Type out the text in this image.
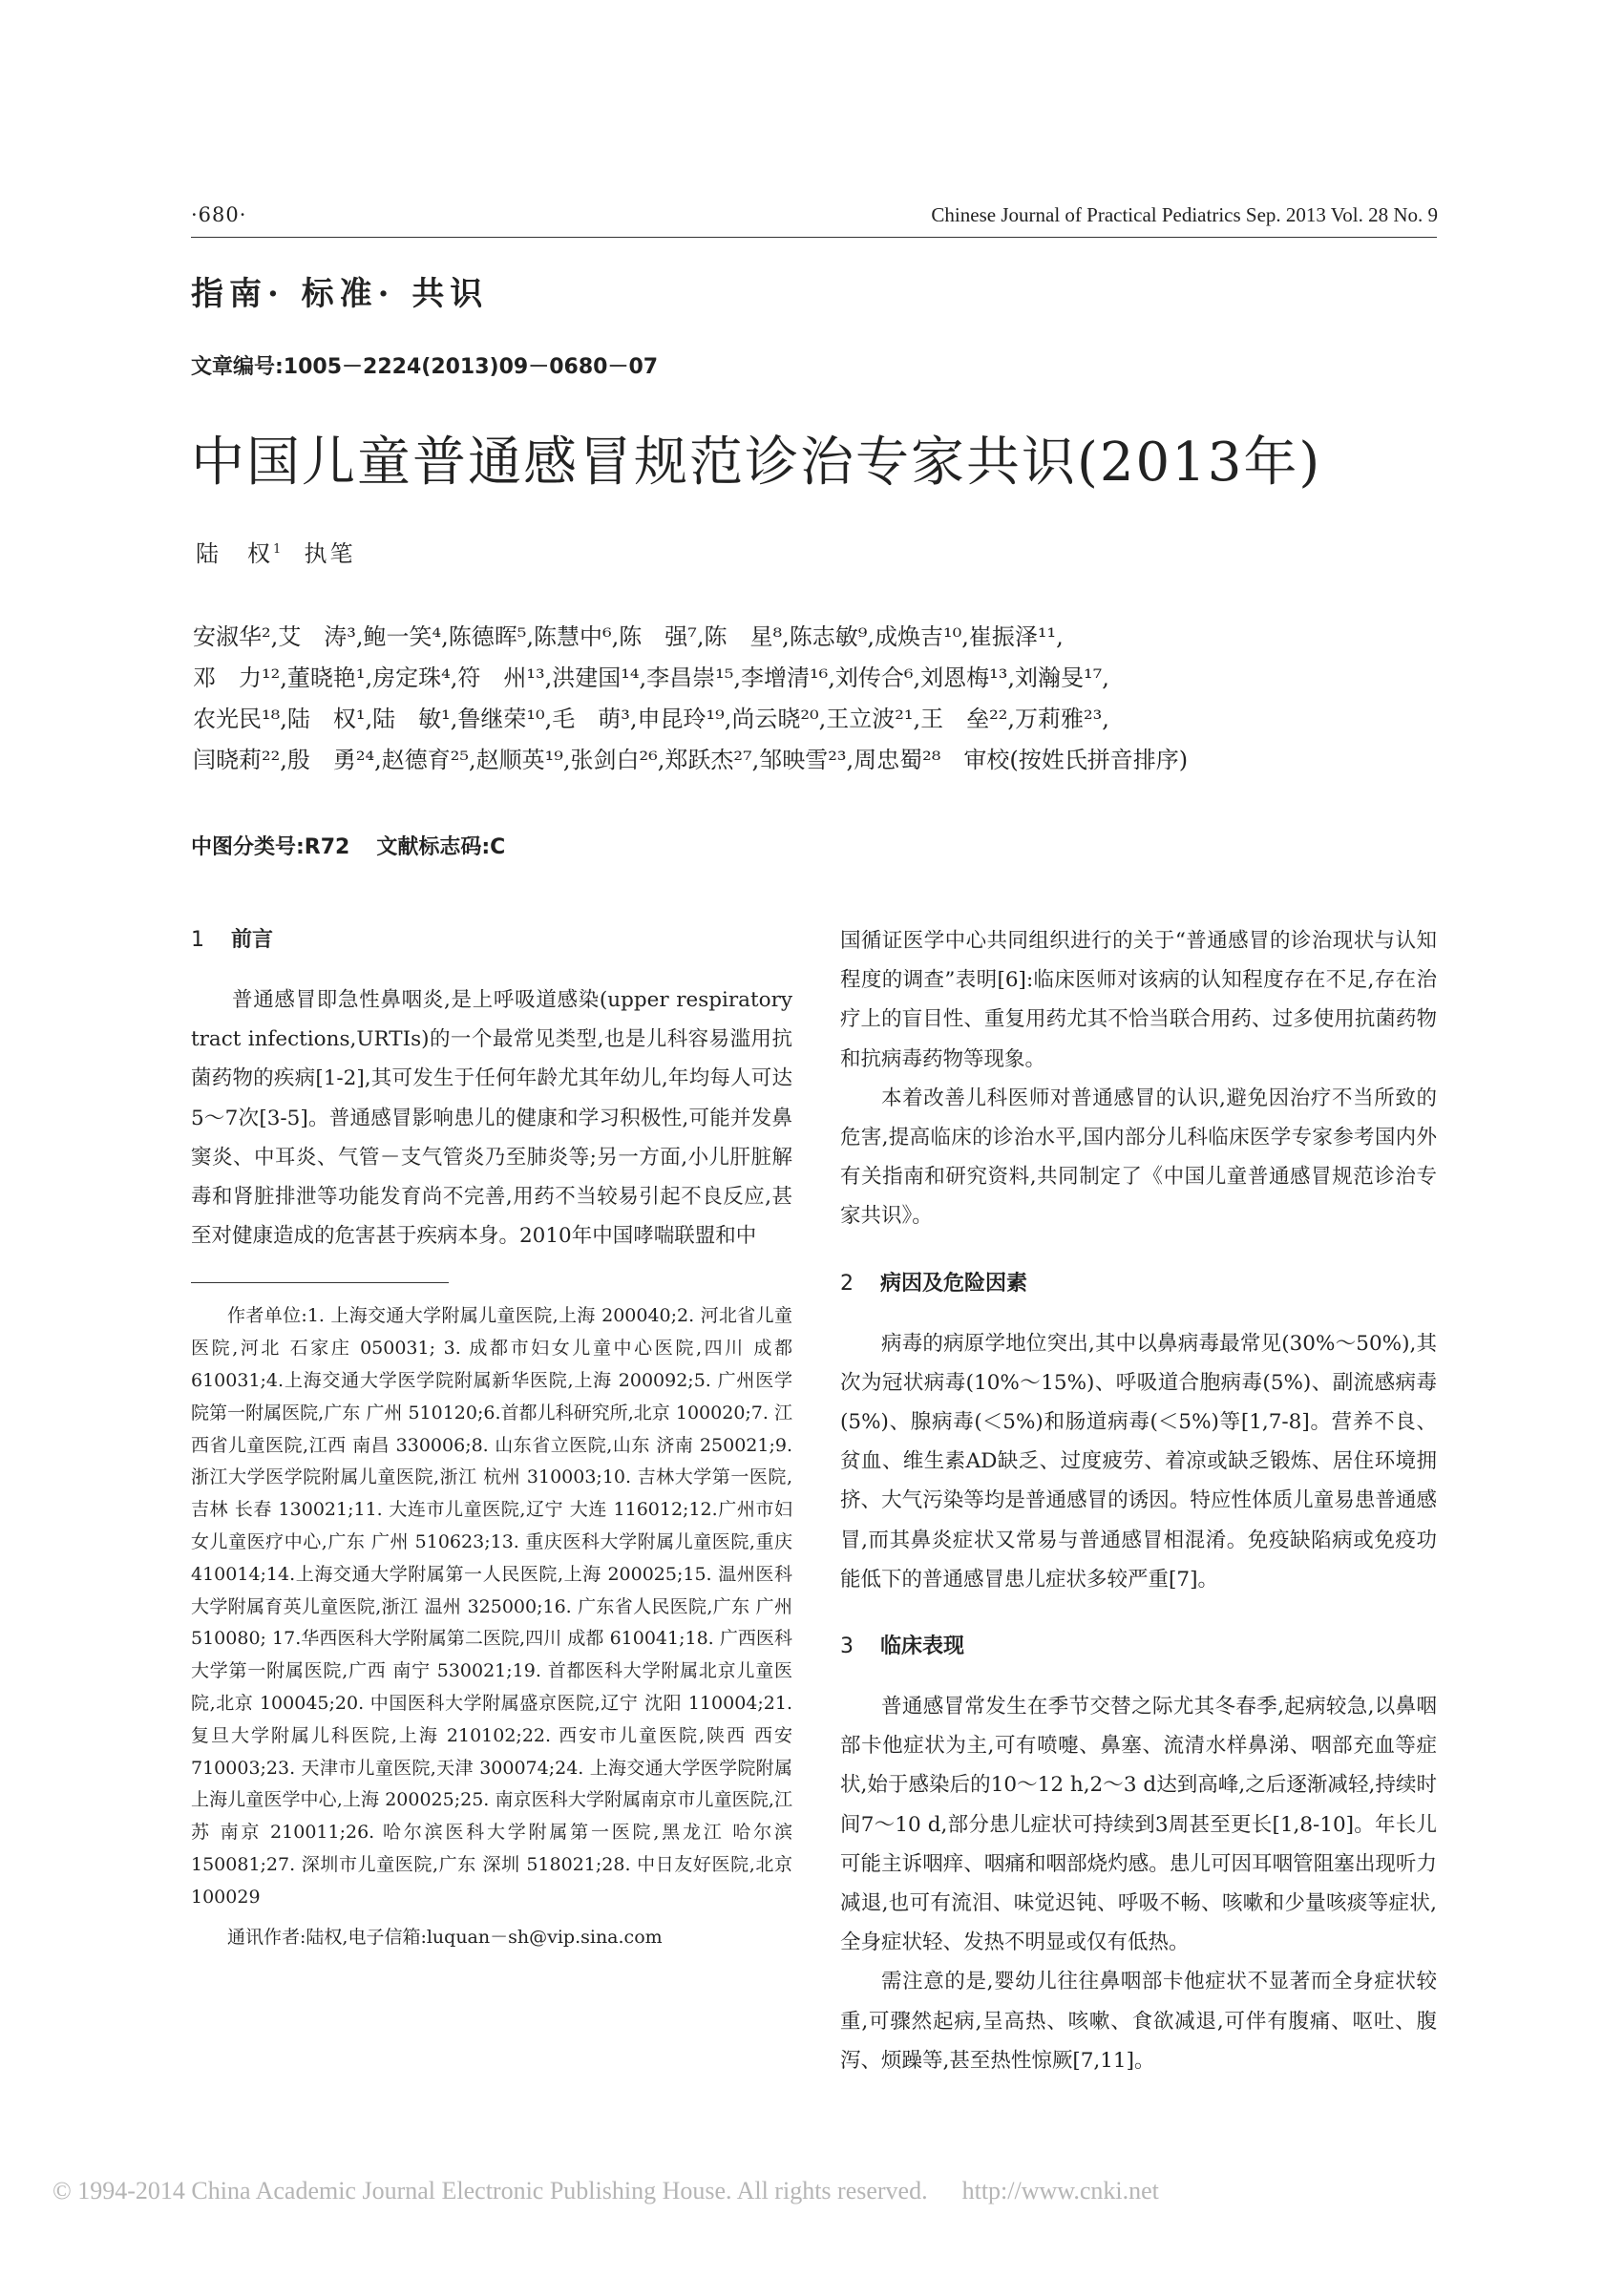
·680·	Chinese Journal of Practical Pediatrics Sep. 2013 Vol. 28 No. 9
指南· 标准· 共识
文章编号:1005－2224(2013)09－0680－07
中国儿童普通感冒规范诊治专家共识(2013年)
陆　权$^1$ 执笔
安淑华²,艾　涛³,鲍一笑⁴,陈德晖⁵,陈慧中⁶,陈　强⁷,陈　星⁸,陈志敏⁹,成焕吉¹⁰,崔振泽¹¹,
邓　力¹²,董晓艳¹,房定珠⁴,符　州¹³,洪建国¹⁴,李昌崇¹⁵,李增清¹⁶,刘传合⁶,刘恩梅¹³,刘瀚旻¹⁷,
农光民¹⁸,陆　权¹,陆　敏¹,鲁继荣¹⁰,毛　萌³,申昆玲¹⁹,尚云晓²⁰,王立波²¹,王　垒²²,万莉雅²³,
闫晓莉²²,殷　勇²⁴,赵德育²⁵,赵顺英¹⁹,张剑白²⁶,郑跃杰²⁷,邹映雪²³,周忠蜀²⁸　审校(按姓氏拼音排序)
中图分类号:R72 文献标志码:C
1 前言

普通感冒即急性鼻咽炎,是上呼吸道感染(upper respiratory tract infections,URTIs)的一个最常见类型,也是儿科容易滥用抗菌药物的疾病[1-2],其可发生于任何年龄尤其年幼儿,年均每人可达5～7次[3-5]。普通感冒影响患儿的健康和学习积极性,可能并发鼻窦炎、中耳炎、气管－支气管炎乃至肺炎等;另一方面,小儿肝脏解毒和肾脏排泄等功能发育尚不完善,用药不当较易引起不良反应,甚至对健康造成的危害甚于疾病本身。2010年中国哮喘联盟和中

作者单位:1. 上海交通大学附属儿童医院,上海 200040;2. 河北省儿童医院,河北 石家庄 050031; 3. 成都市妇女儿童中心医院,四川 成都 610031;4.上海交通大学医学院附属新华医院,上海 200092;5. 广州医学院第一附属医院,广东 广州 510120;6.首都儿科研究所,北京 100020;7. 江西省儿童医院,江西 南昌 330006;8. 山东省立医院,山东 济南 250021;9. 浙江大学医学院附属儿童医院,浙江 杭州 310003;10. 吉林大学第一医院,吉林 长春 130021;11. 大连市儿童医院,辽宁 大连 116012;12.广州市妇女儿童医疗中心,广东 广州 510623;13. 重庆医科大学附属儿童医院,重庆 410014;14.上海交通大学附属第一人民医院,上海 200025;15. 温州医科大学附属育英儿童医院,浙江 温州 325000;16. 广东省人民医院,广东 广州 510080; 17.华西医科大学附属第二医院,四川 成都 610041;18. 广西医科大学第一附属医院,广西 南宁 530021;19. 首都医科大学附属北京儿童医院,北京 100045;20. 中国医科大学附属盛京医院,辽宁 沈阳 110004;21.复旦大学附属儿科医院,上海 210102;22. 西安市儿童医院,陕西 西安 710003;23. 天津市儿童医院,天津 300074;24. 上海交通大学医学院附属上海儿童医学中心,上海 200025;25. 南京医科大学附属南京市儿童医院,江苏 南京 210011;26. 哈尔滨医科大学附属第一医院,黑龙江 哈尔滨 150081;27. 深圳市儿童医院,广东 深圳 518021;28. 中日友好医院,北京 100029

通讯作者:陆权,电子信箱:luquan－sh@vip.sina.com

国循证医学中心共同组织进行的关于“普通感冒的诊治现状与认知程度的调查”表明[6]:临床医师对该病的认知程度存在不足,存在治疗上的盲目性、重复用药尤其不恰当联合用药、过多使用抗菌药物和抗病毒药物等现象。

本着改善儿科医师对普通感冒的认识,避免因治疗不当所致的危害,提高临床的诊治水平,国内部分儿科临床医学专家参考国内外有关指南和研究资料,共同制定了《中国儿童普通感冒规范诊治专家共识》。

2 病因及危险因素

病毒的病原学地位突出,其中以鼻病毒最常见(30%～50%),其次为冠状病毒(10%～15%)、呼吸道合胞病毒(5%)、副流感病毒(5%)、腺病毒(＜5%)和肠道病毒(＜5%)等[1,7-8]。营养不良、贫血、维生素AD缺乏、过度疲劳、着凉或缺乏锻炼、居住环境拥挤、大气污染等均是普通感冒的诱因。特应性体质儿童易患普通感冒,而其鼻炎症状又常易与普通感冒相混淆。免疫缺陷病或免疫功能低下的普通感冒患儿症状多较严重[7]。

3 临床表现

普通感冒常发生在季节交替之际尤其冬春季,起病较急,以鼻咽部卡他症状为主,可有喷嚏、鼻塞、流清水样鼻涕、咽部充血等症状,始于感染后的10～12 h,2～3 d达到高峰,之后逐渐减轻,持续时间7～10 d,部分患儿症状可持续到3周甚至更长[1,8-10]。年长儿可能主诉咽痒、咽痛和咽部烧灼感。患儿可因耳咽管阻塞出现听力减退,也可有流泪、味觉迟钝、呼吸不畅、咳嗽和少量咳痰等症状,全身症状轻、发热不明显或仅有低热。

需注意的是,婴幼儿往往鼻咽部卡他症状不显著而全身症状较重,可骤然起病,呈高热、咳嗽、食欲减退,可伴有腹痛、呕吐、腹泻、烦躁等,甚至热性惊厥[7,11]。

© 1994-2014 China Academic Journal Electronic Publishing House. All rights reserved. http://www.cnki.net
